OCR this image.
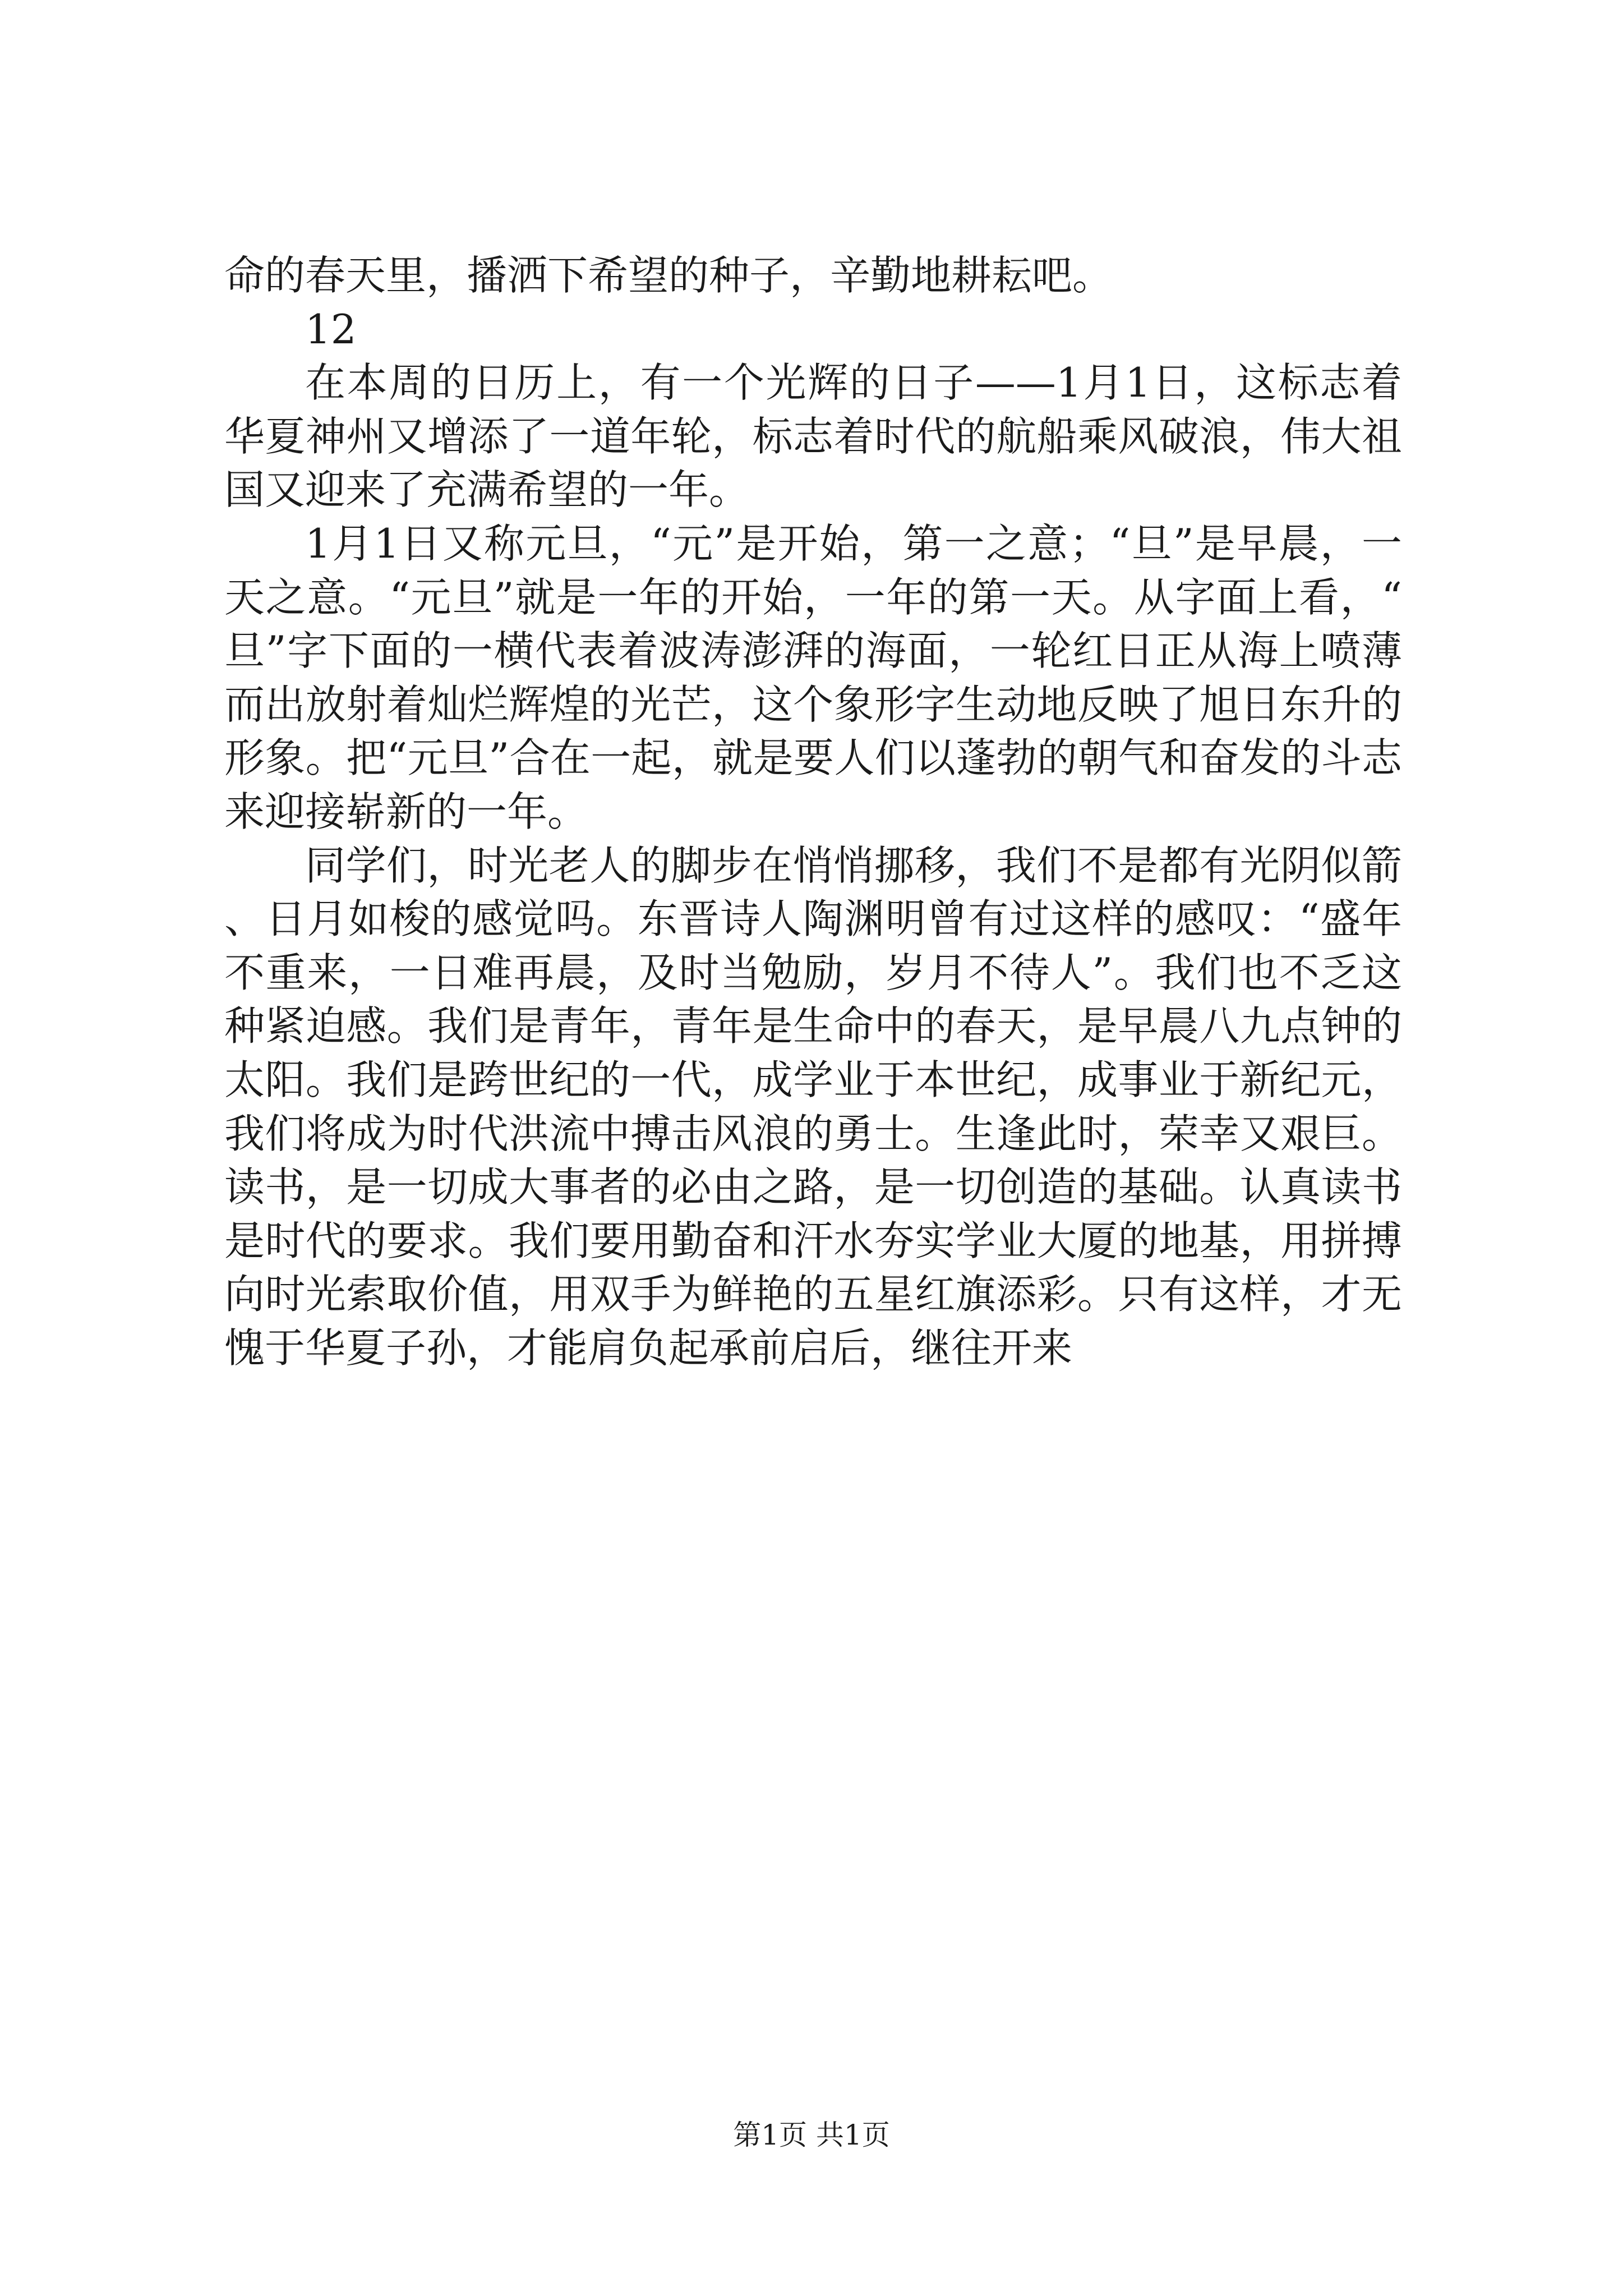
命的春天里，播洒下希望的种子，辛勤地耕耘吧。

12

在本周的日历上，有一个光辉的日子——1月1日，这标志着华夏神州又增添了一道年轮，标志着时代的航船乘风破浪，伟大祖国又迎来了充满希望的一年。

1月1日又称元旦，“元”是开始，第一之意；“旦”是早晨，一天之意。“元旦”就是一年的开始，一年的第一天。从字面上看，“旦”字下面的一横代表着波涛澎湃的海面，一轮红日正从海上喷薄而出放射着灿烂辉煌的光芒，这个象形字生动地反映了旭日东升的形象。把“元旦”合在一起，就是要人们以蓬勃的朝气和奋发的斗志来迎接崭新的一年。

同学们，时光老人的脚步在悄悄挪移，我们不是都有光阴似箭、日月如梭的感觉吗。东晋诗人陶渊明曾有过这样的感叹：“盛年不重来，一日难再晨，及时当勉励，岁月不待人”。我们也不乏这种紧迫感。我们是青年，青年是生命中的春天，是早晨八九点钟的太阳。我们是跨世纪的一代，成学业于本世纪，成事业于新纪元，我们将成为时代洪流中搏击风浪的勇士。生逢此时，荣幸又艰巨。读书，是一切成大事者的必由之路，是一切创造的基础。认真读书是时代的要求。我们要用勤奋和汗水夯实学业大厦的地基，用拼搏向时光索取价值，用双手为鲜艳的五星红旗添彩。只有这样，才无愧于华夏子孙，才能肩负起承前启后，继往开来

第1页 共1页
